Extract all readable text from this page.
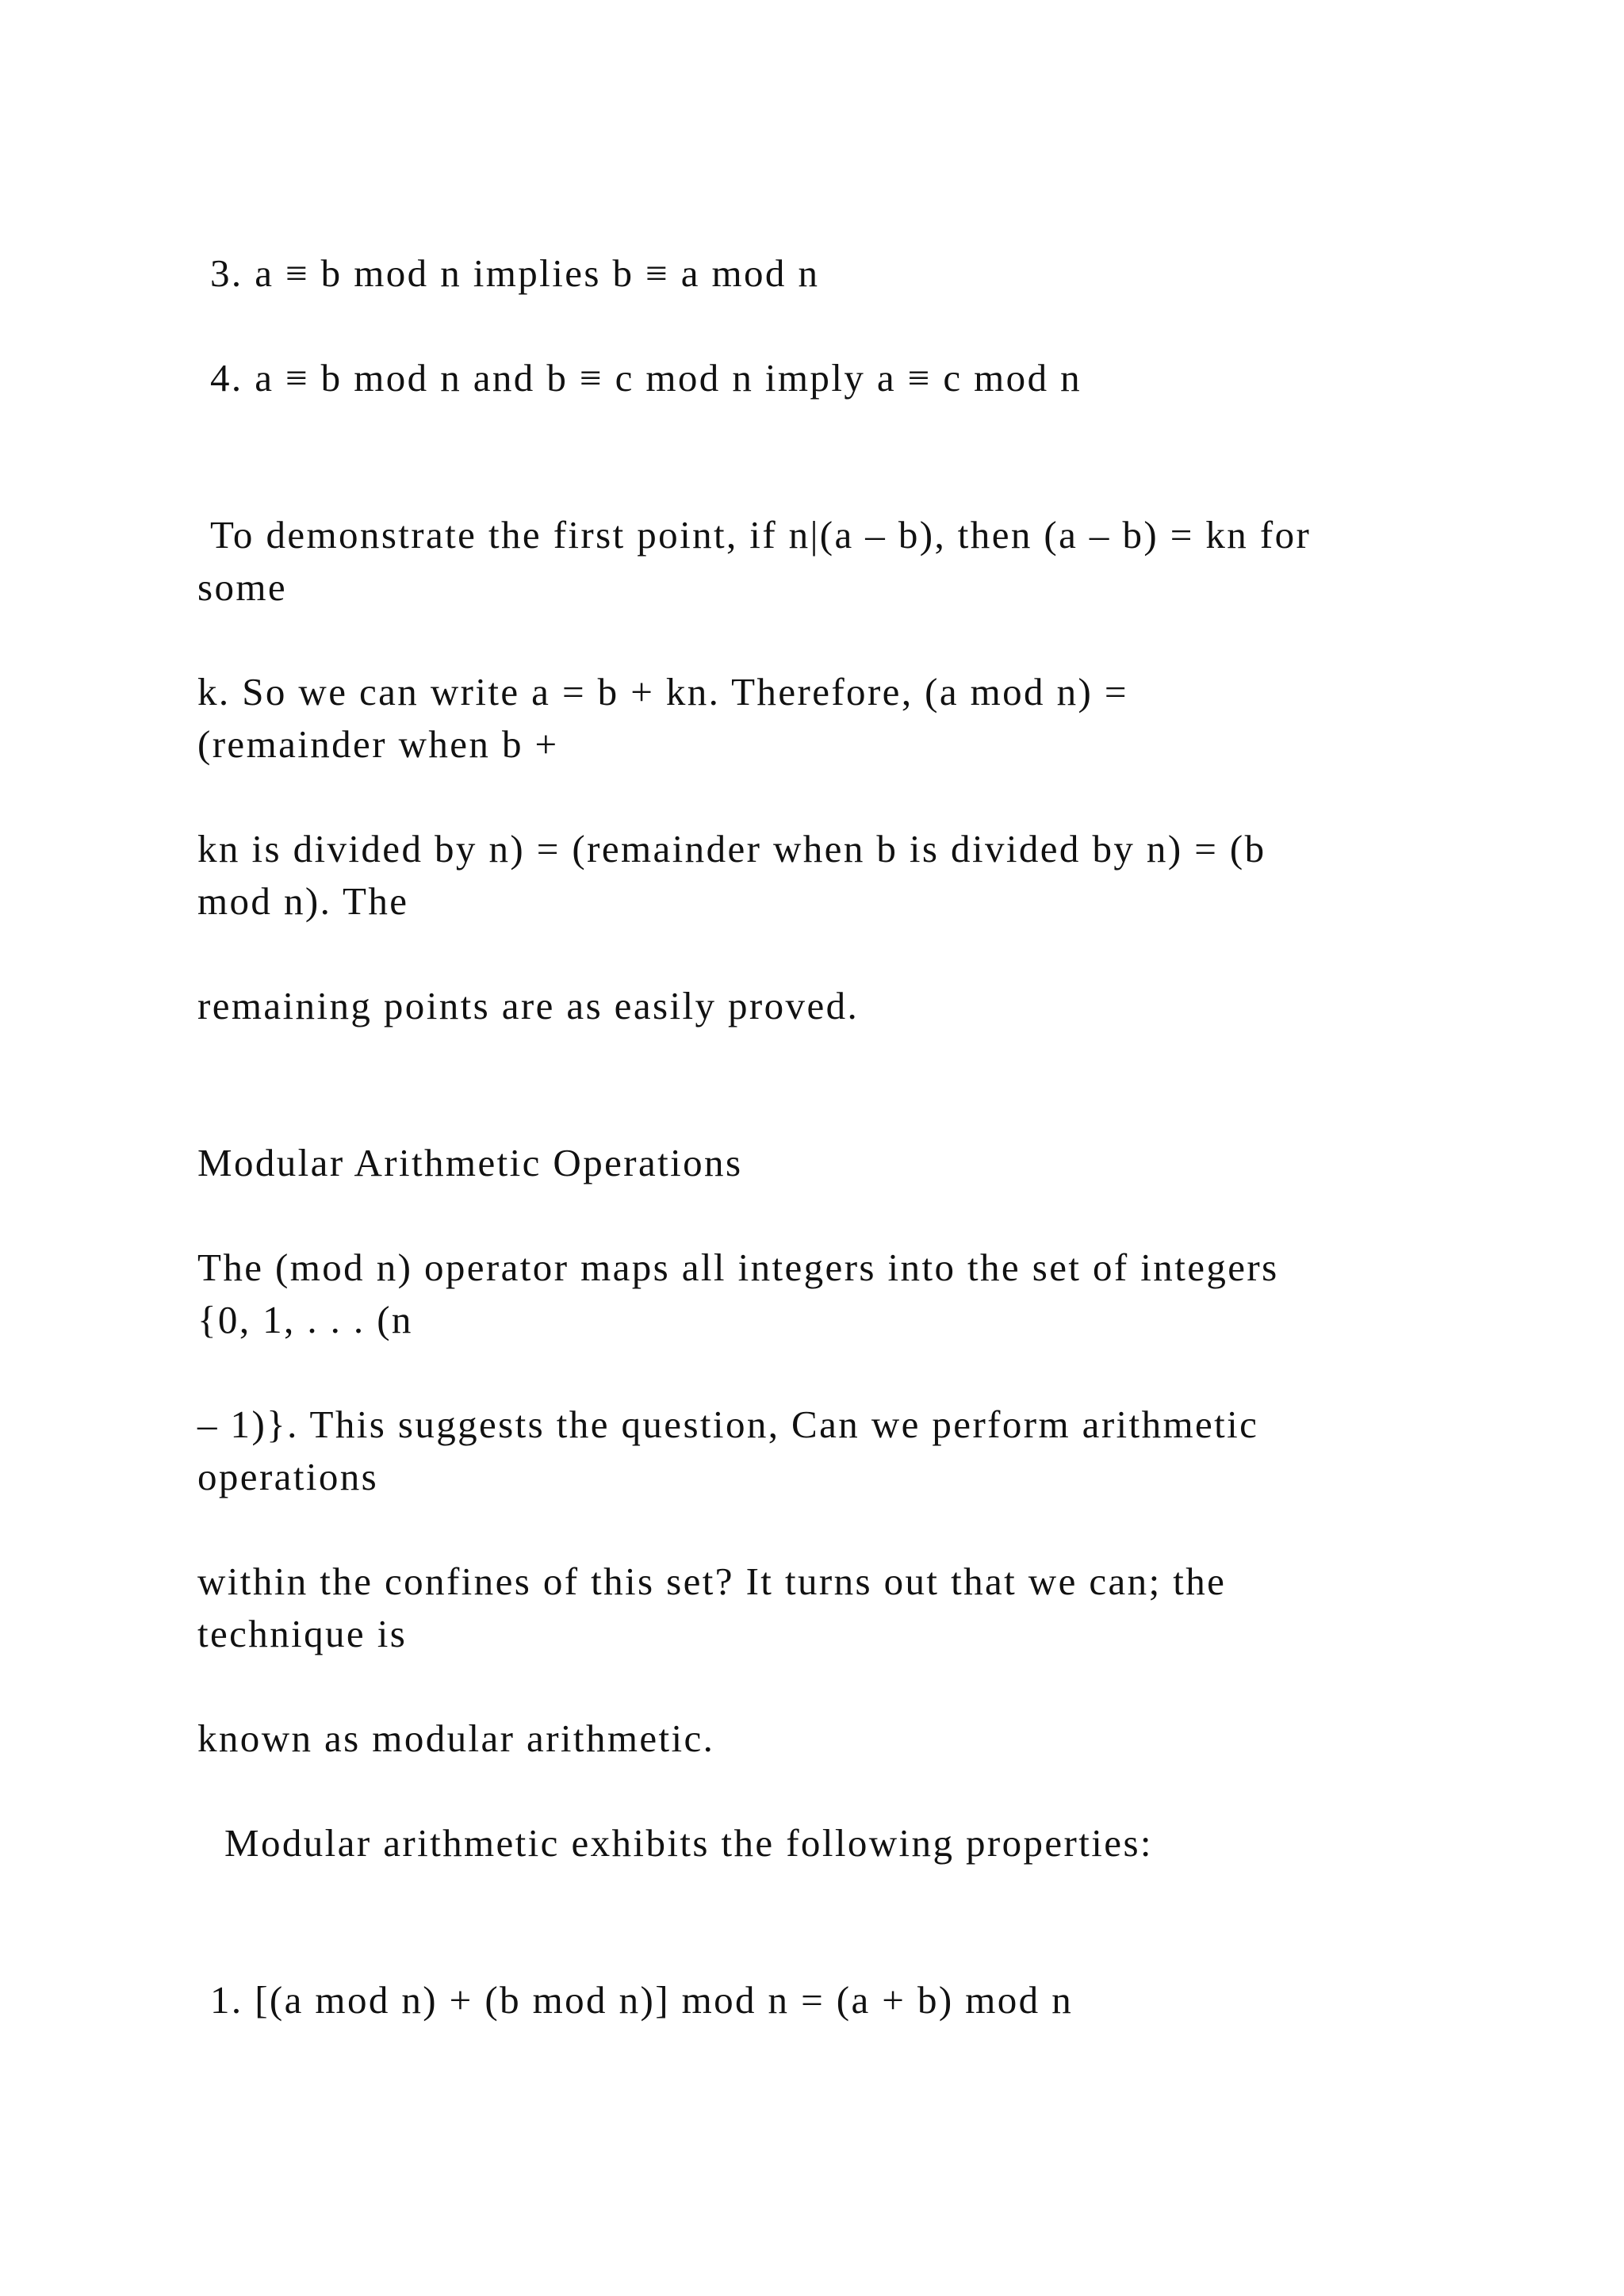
3. a ≡ b mod n implies b ≡ a mod n
4. a ≡ b mod n and b ≡ c mod n imply a ≡ c mod n
To demonstrate the first point, if n|(a – b), then (a – b) = kn for
some
k. So we can write a = b + kn. Therefore, (a mod n) =
(remainder when b +
kn is divided by n) = (remainder when b is divided by n) = (b
mod n). The
remaining points are as easily proved.
Modular Arithmetic Operations
The (mod n) operator maps all integers into the set of integers
{0, 1, . . . (n
– 1)}. This suggests the question, Can we perform arithmetic
operations
within the confines of this set? It turns out that we can; the
technique is
known as modular arithmetic.
Modular arithmetic exhibits the following properties:
1. [(a mod n) + (b mod n)] mod n = (a + b) mod n
